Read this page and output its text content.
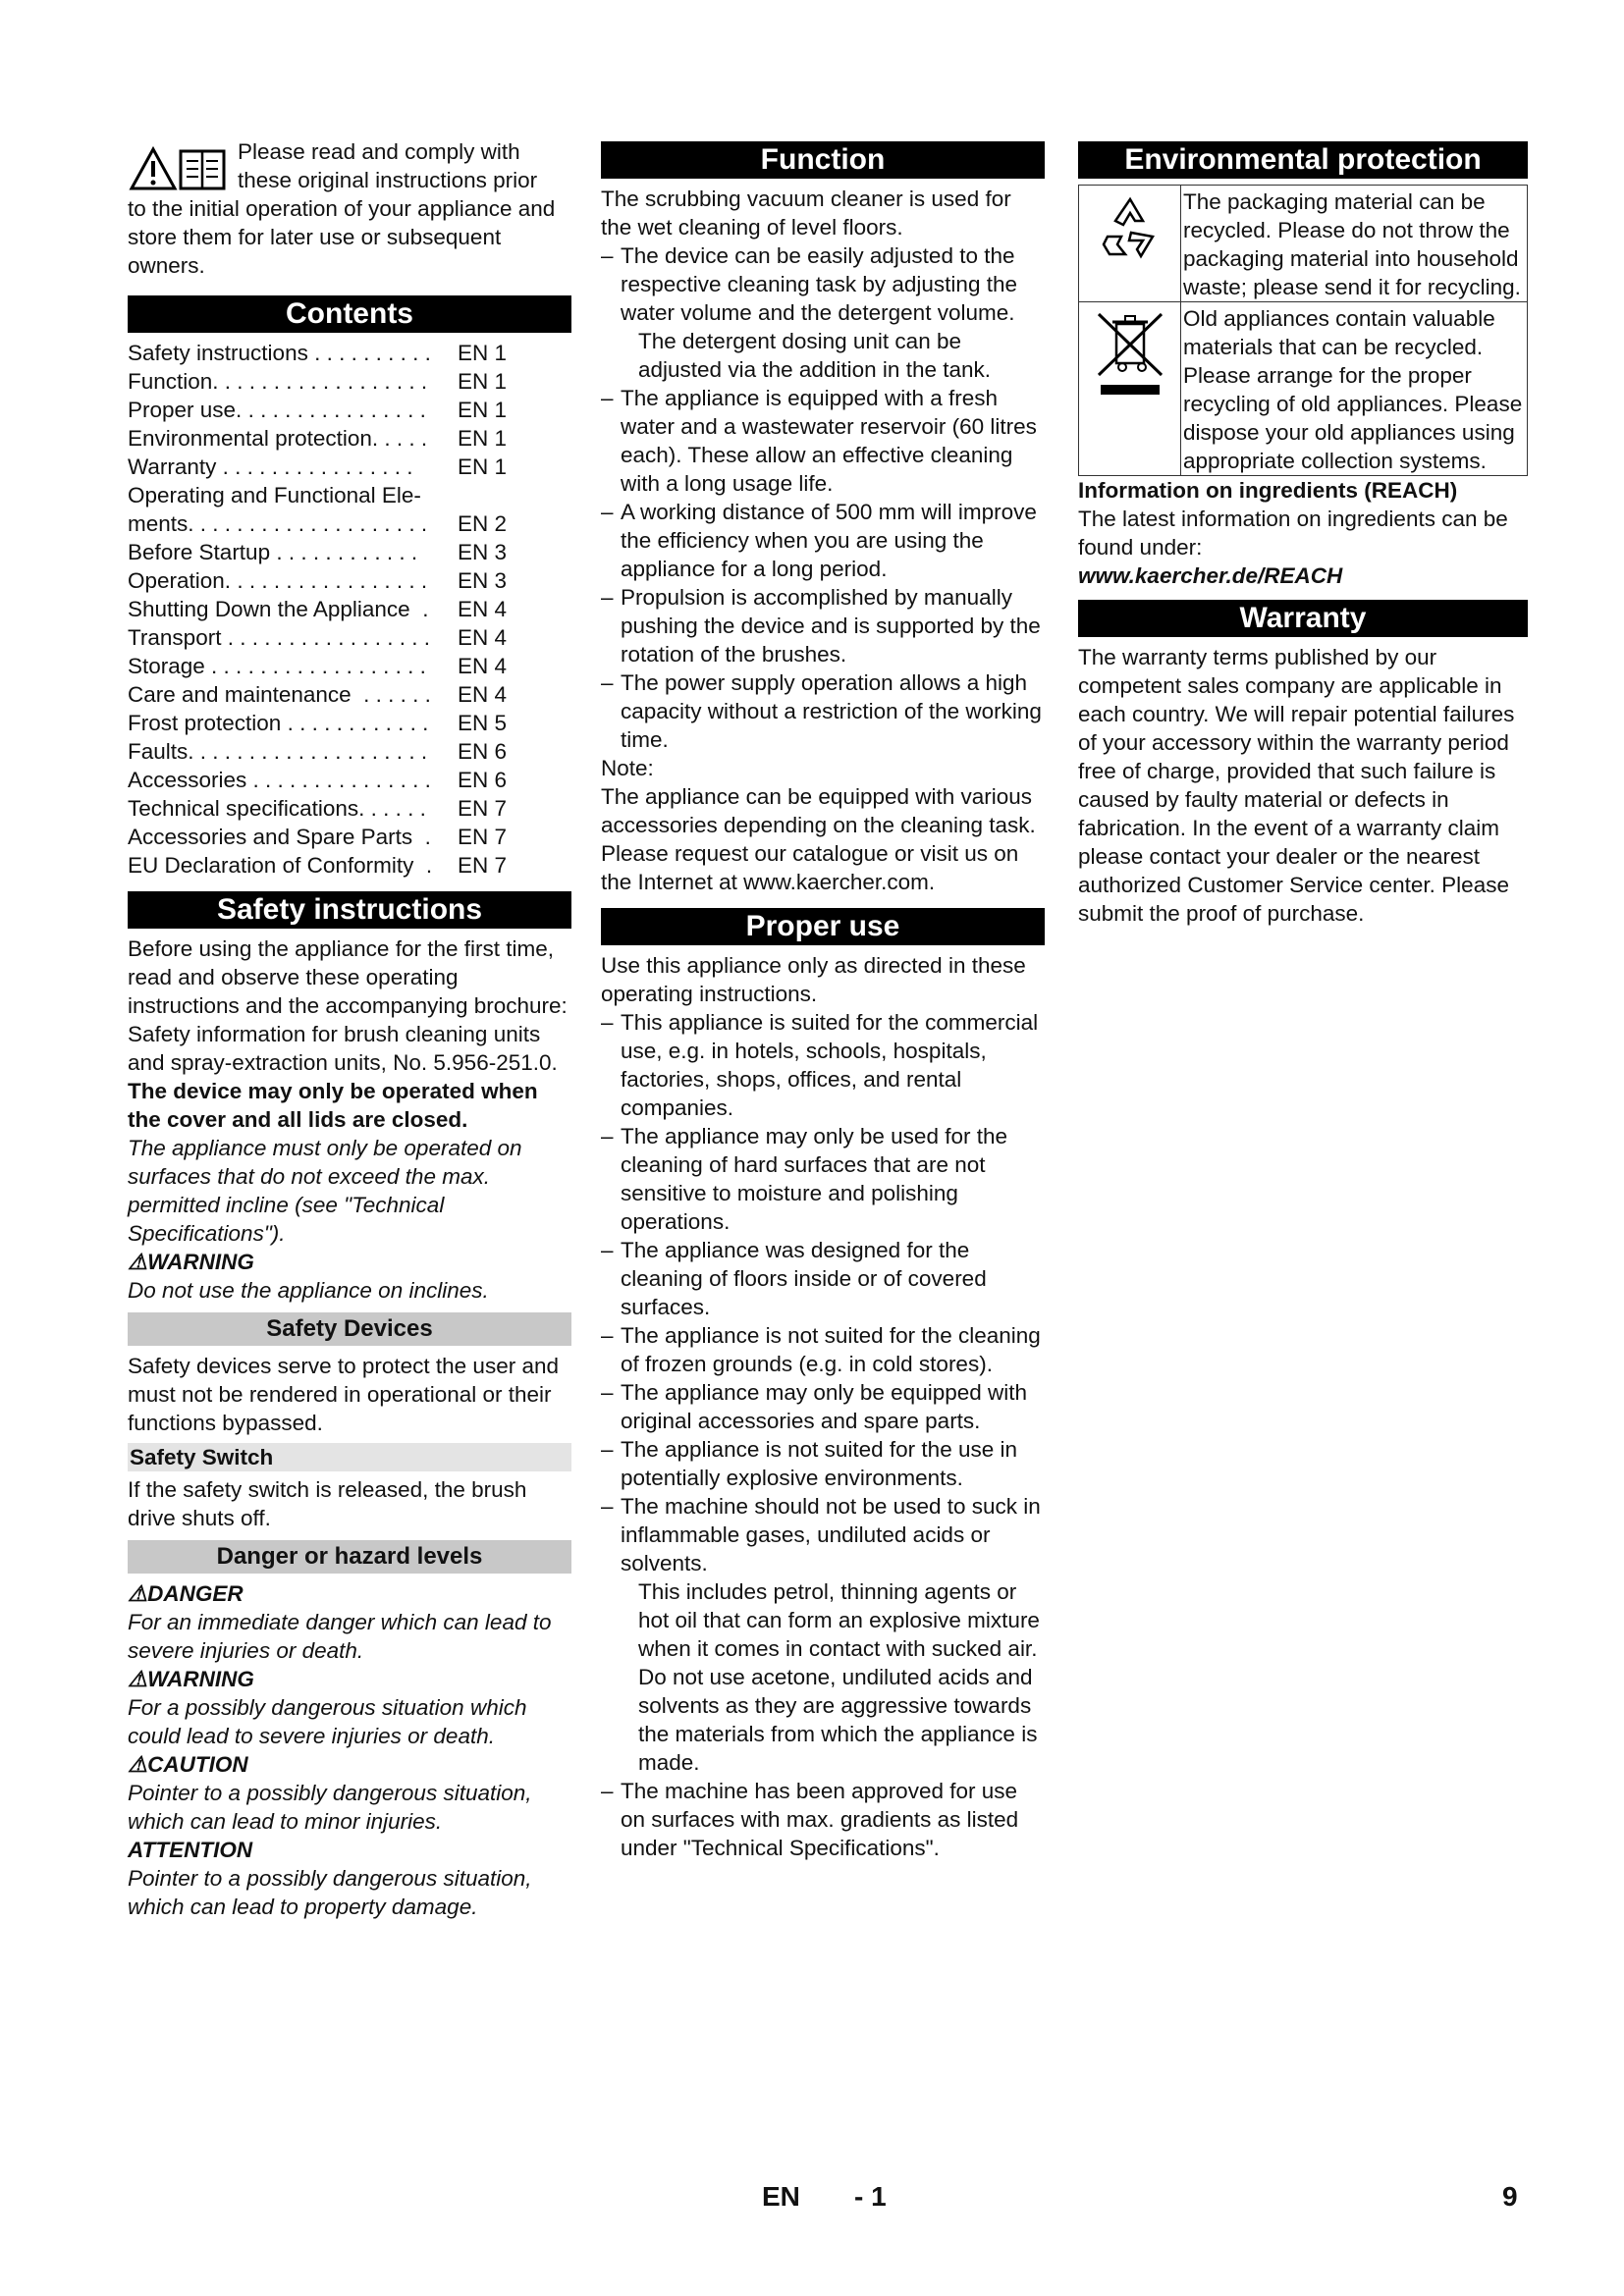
Please read and comply with

these original instructions prior

to the initial operation of your appliance and store them for later use or subsequent owners.

Contents
Safety instructions . . . . . . . . . . EN 1
Function. . . . . . . . . . . . . . . . . . EN 1
Proper use. . . . . . . . . . . . . . . . EN 1
Environmental protection. . . . . EN 1
Warranty . . . . . . . . . . . . . . . . EN 1
Operating and Functional Ele-
ments. . . . . . . . . . . . . . . . . . . . EN 2
Before Startup . . . . . . . . . . . . EN 3
Operation. . . . . . . . . . . . . . . . . EN 3
Shutting Down the Appliance  . EN 4
Transport . . . . . . . . . . . . . . . . . EN 4
Storage . . . . . . . . . . . . . . . . . . EN 4
Care and maintenance  . . . . . . EN 4
Frost protection . . . . . . . . . . . . EN 5
Faults. . . . . . . . . . . . . . . . . . . . EN 6
Accessories . . . . . . . . . . . . . . . EN 6
Technical specifications. . . . . . EN 7
Accessories and Spare Parts  . EN 7
EU Declaration of Conformity  . EN 7
Safety instructions

Before using the appliance for the first time, read and observe these operating instructions and the accompanying brochure: Safety information for brush cleaning units and spray-extraction units, No. 5.956-251.0.

The device may only be operated when the cover and all lids are closed.

The appliance must only be operated on surfaces that do not exceed the max. permitted incline (see "Technical Specifications").

⚠WARNING

Do not use the appliance on inclines.

Safety Devices

Safety devices serve to protect the user and must not be rendered in operational or their functions bypassed.

Safety Switch

If the safety switch is released, the brush drive shuts off.

Danger or hazard levels

⚠DANGER

For an immediate danger which can lead to severe injuries or death.

⚠WARNING

For a possibly dangerous situation which could lead to severe injuries or death.

⚠CAUTION

Pointer to a possibly dangerous situation, which can lead to minor injuries.

ATTENTION

Pointer to a possibly dangerous situation, which can lead to property damage.

Function

The scrubbing vacuum cleaner is used for the wet cleaning of level floors.

– The device can be easily adjusted to the respective cleaning task by adjusting the water volume and the detergent volume.

The detergent dosing unit can be adjusted via the addition in the tank.

– The appliance is equipped with a fresh water and a wastewater reservoir (60 litres each). These allow an effective cleaning with a long usage life.
– A working distance of 500 mm will improve the efficiency when you are using the appliance for a long period.
– Propulsion is accomplished by manually pushing the device and is supported by the rotation of the brushes.
– The power supply operation allows a high capacity without a restriction of the working time.

Note:

The appliance can be equipped with various accessories depending on the cleaning task.

Please request our catalogue or visit us on the Internet at www.kaercher.com.

Proper use

Use this appliance only as directed in these operating instructions.

– This appliance is suited for the commercial use, e.g. in hotels, schools, hospitals, factories, shops, offices, and rental companies.
– The appliance may only be used for the cleaning of hard surfaces that are not sensitive to moisture and polishing operations.
– The appliance was designed for the cleaning of floors inside or of covered surfaces.
– The appliance is not suited for the cleaning of frozen grounds (e.g. in cold stores).
– The appliance may only be equipped with original accessories and spare parts.
– The appliance is not suited for the use in potentially explosive environments.
– The machine should not be used to suck in inflammable gases, undiluted acids or solvents.

This includes petrol, thinning agents or hot oil that can form an explosive mixture when it comes in contact with sucked air. Do not use acetone, undiluted acids and solvents as they are aggressive towards the materials from which the appliance is made.

– The machine has been approved for use on surfaces with max. gradients as listed under "Technical Specifications".
Environmental protection
The packaging material can be recycled. Please do not throw the packaging material into household waste; please send it for recycling.
Old appliances contain valuable materials that can be recycled. Please arrange for the proper recycling of old appliances. Please dispose your old appliances using appropriate collection systems.

Information on ingredients (REACH)

The latest information on ingredients can be found under:

www.kaercher.de/REACH

Warranty

The warranty terms published by our competent sales company are applicable in each country. We will repair potential failures of your accessory within the warranty period free of charge, provided that such failure is caused by faulty material or defects in fabrication. In the event of a warranty claim please contact your dealer or the nearest authorized Customer Service center. Please submit the proof of purchase.

EN - 1	9
